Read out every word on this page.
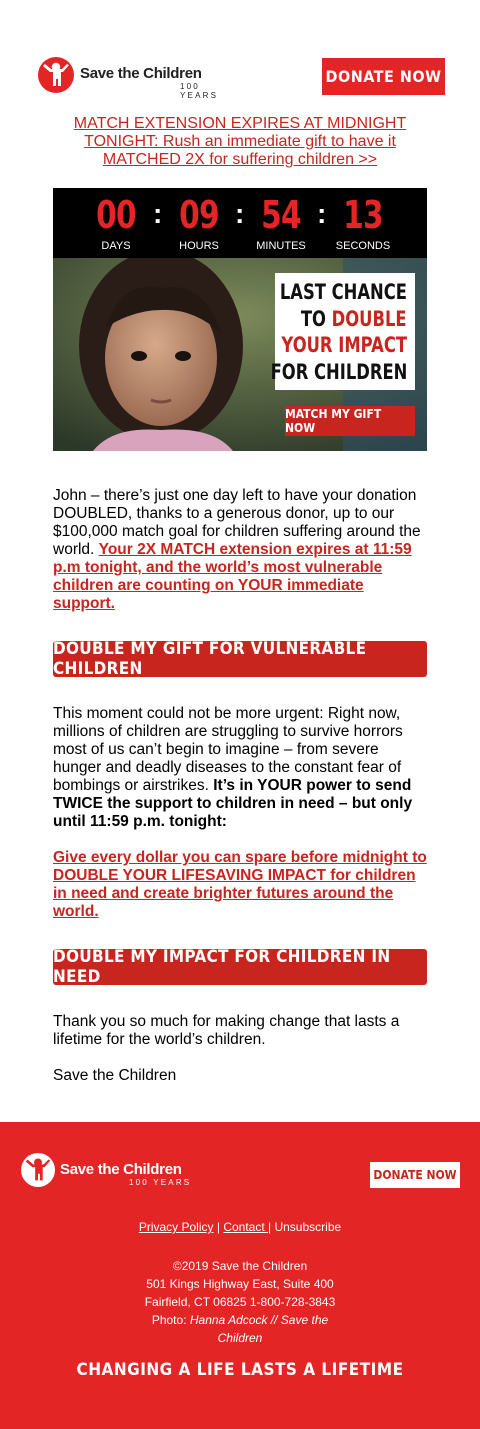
Save the Children
100 YEARS
DONATE NOW
MATCH EXTENSION EXPIRES AT MIDNIGHT TONIGHT: Rush an immediate gift to have it MATCHED 2X for suffering children >>
00
DAYS
: 09
HOURS
: 54
MINUTES
: 13
SECONDS
LAST CHANCE
TO DOUBLE
YOUR IMPACT
FOR CHILDREN
MATCH MY GIFT NOW
John – there’s just one day left to have your donation DOUBLED, thanks to a generous donor, up to our $100,000 match goal for children suffering around the world. Your 2X MATCH extension expires at 11:59 p.m tonight, and the world’s most vulnerable children are counting on YOUR immediate support.
DOUBLE MY GIFT FOR VULNERABLE CHILDREN
This moment could not be more urgent: Right now, millions of children are struggling to survive horrors most of us can’t begin to imagine – from severe hunger and deadly diseases to the constant fear of bombings or airstrikes. It’s in YOUR power to send TWICE the support to children in need – but only until 11:59 p.m. tonight:
Give every dollar you can spare before midnight to DOUBLE YOUR LIFESAVING IMPACT for children in need and create brighter futures around the world.
DOUBLE MY IMPACT FOR CHILDREN IN NEED
Thank you so much for making change that lasts a lifetime for the world’s children.
Save the Children
Save the Children
100 YEARS
DONATE NOW
Privacy Policy | Contact | Unsubscribe
©2019 Save the Children
501 Kings Highway East, Suite 400
Fairfield, CT 06825 1-800-728-3843
Photo: Hanna Adcock // Save the Children
CHANGING A LIFE LASTS A LIFETIME
